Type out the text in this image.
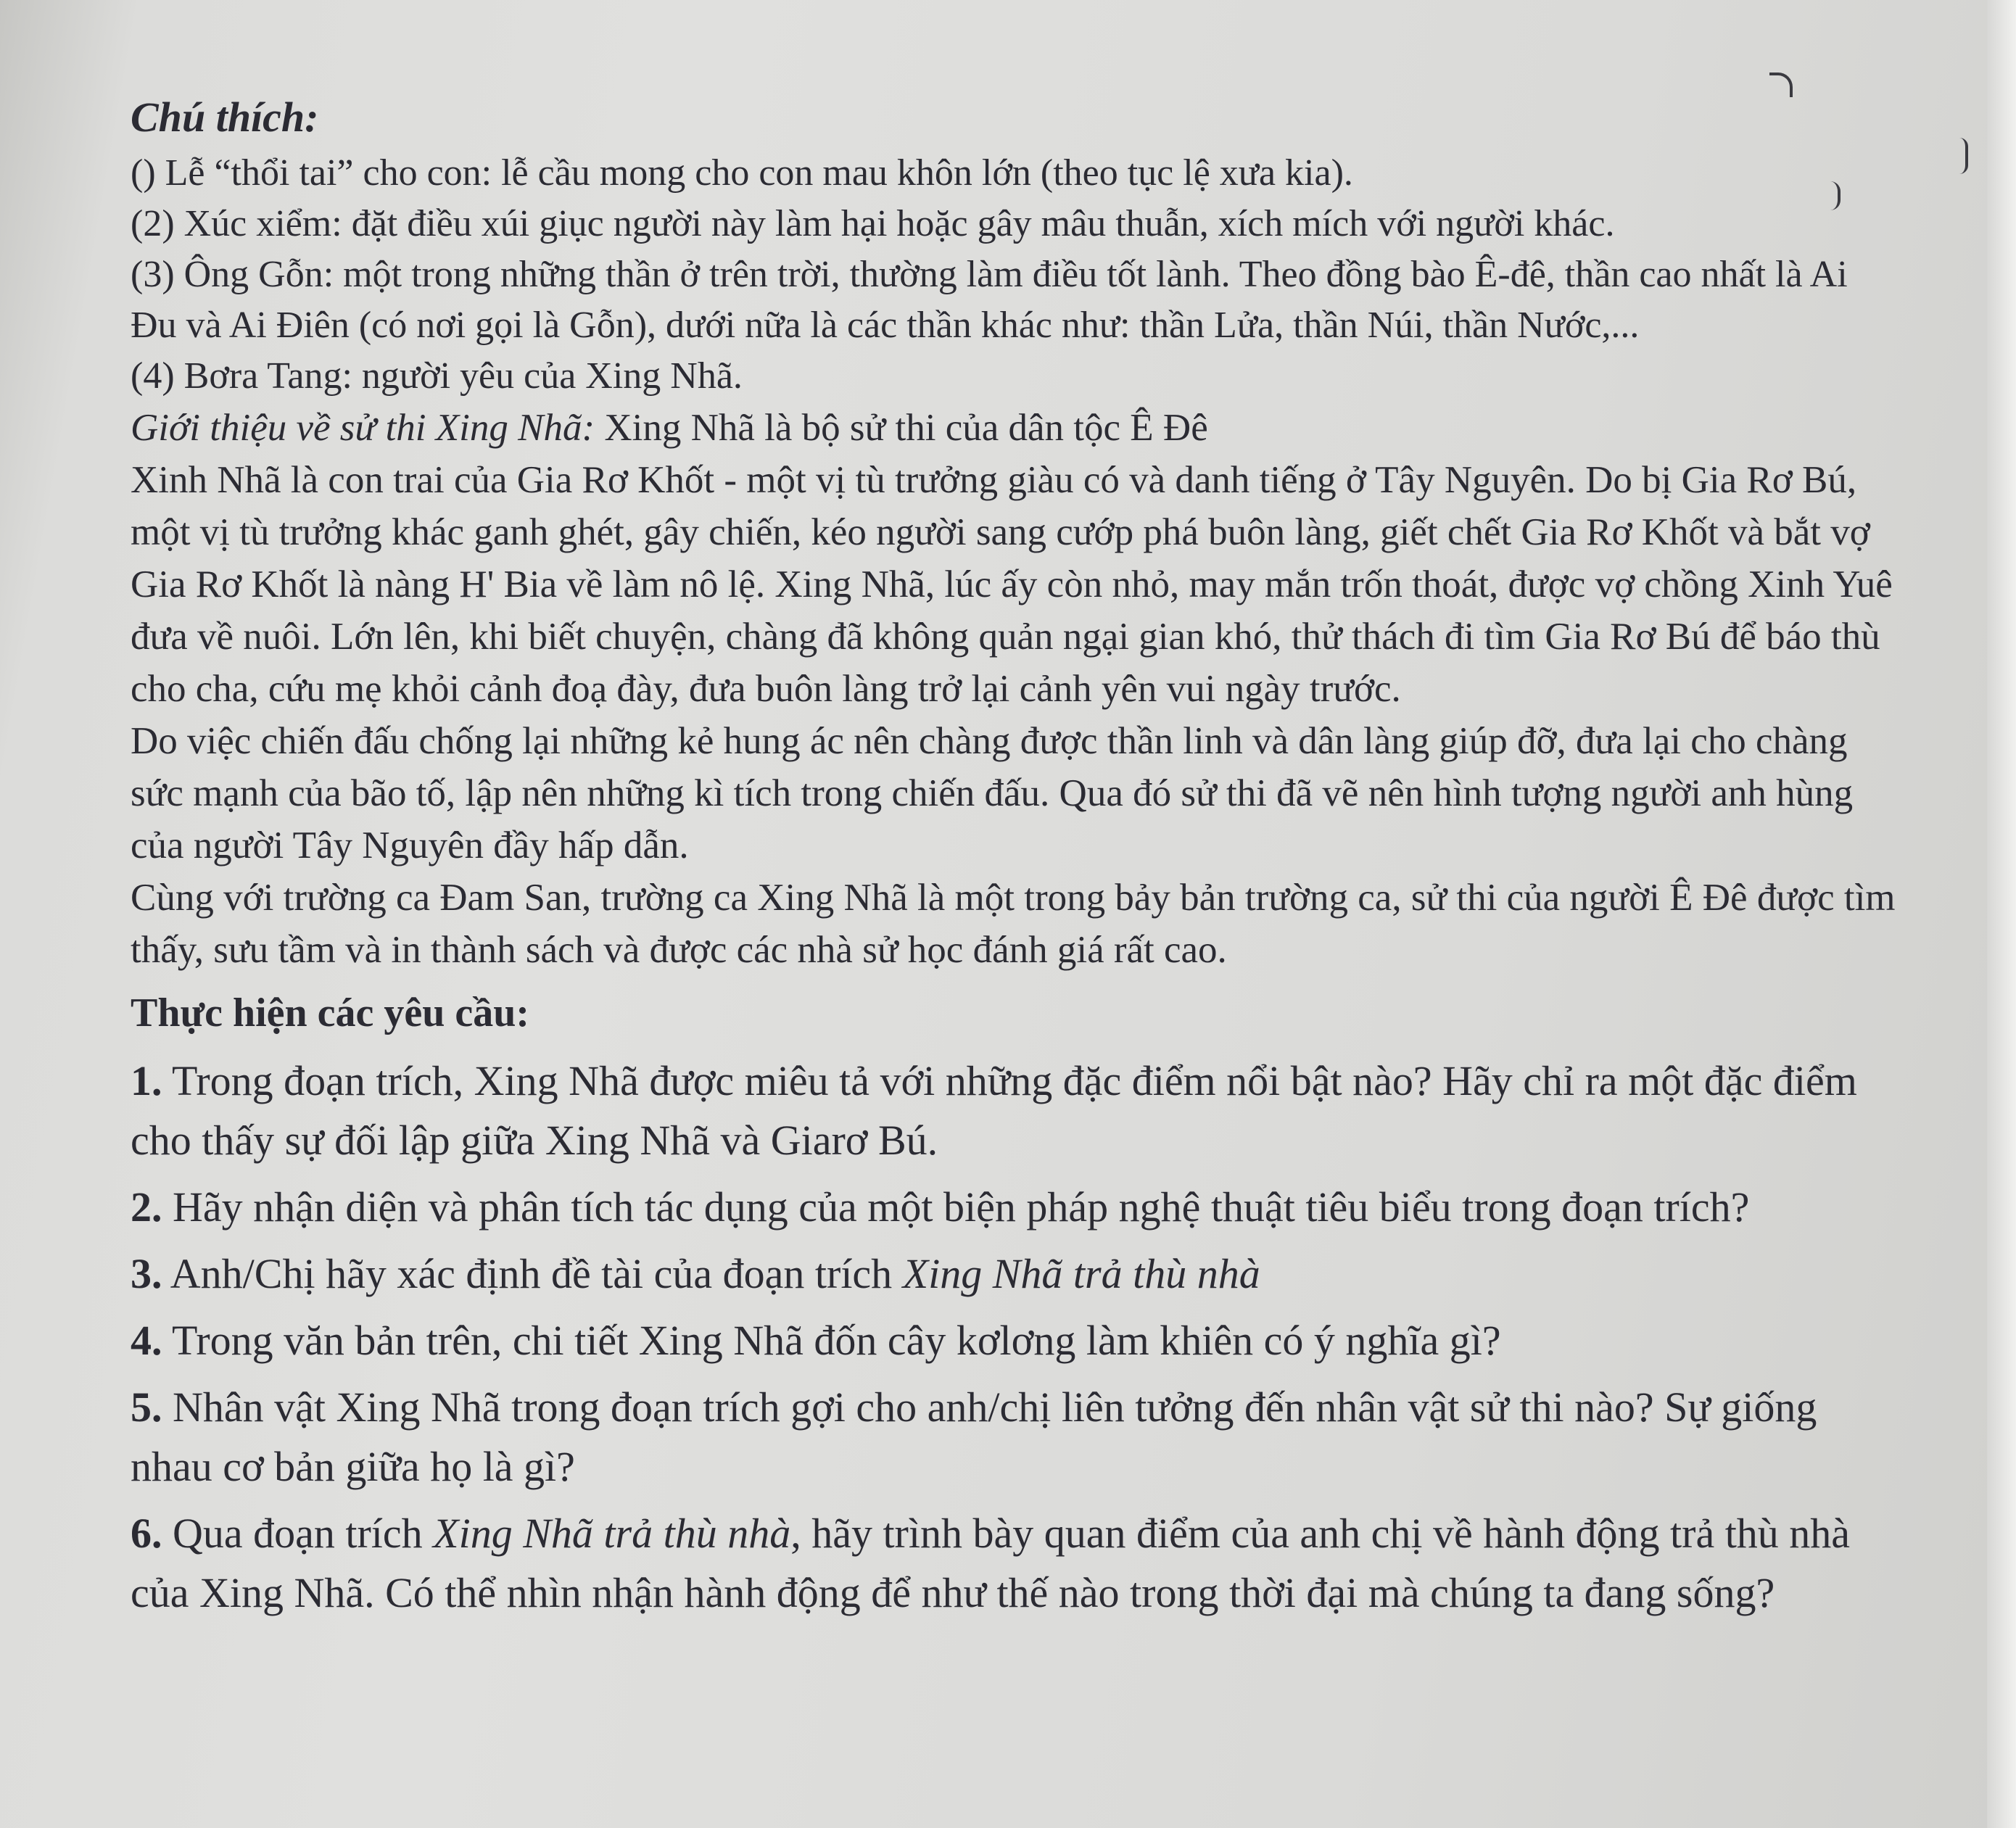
Chú thích:
() Lễ “thổi tai” cho con: lễ cầu mong cho con mau khôn lớn (theo tục lệ xưa kia).
(2) Xúc xiểm: đặt điều xúi giục người này làm hại hoặc gây mâu thuẫn, xích mích với người khác.
(3) Ông Gỗn: một trong những thần ở trên trời, thường làm điều tốt lành. Theo đồng bào Ê-đê, thần cao nhất là Ai Đu và Ai Điên (có nơi gọi là Gỗn), dưới nữa là các thần khác như: thần Lửa, thần Núi, thần Nước,...
(4) Bơra Tang: người yêu của Xing Nhã.
Giới thiệu về sử thi Xing Nhã: Xing Nhã là bộ sử thi của dân tộc Ê Đê
Xinh Nhã là con trai của Gia Rơ Khốt - một vị tù trưởng giàu có và danh tiếng ở Tây Nguyên. Do bị Gia Rơ Bú, một vị tù trưởng khác ganh ghét, gây chiến, kéo người sang cướp phá buôn làng, giết chết Gia Rơ Khốt và bắt vợ Gia Rơ Khốt là nàng H' Bia về làm nô lệ. Xing Nhã, lúc ấy còn nhỏ, may mắn trốn thoát, được vợ chồng Xinh Yuê đưa về nuôi. Lớn lên, khi biết chuyện, chàng đã không quản ngại gian khó, thử thách đi tìm Gia Rơ Bú để báo thù cho cha, cứu mẹ khỏi cảnh đoạ đày, đưa buôn làng trở lại cảnh yên vui ngày trước.
Do việc chiến đấu chống lại những kẻ hung ác nên chàng được thần linh và dân làng giúp đỡ, đưa lại cho chàng sức mạnh của bão tố, lập nên những kì tích trong chiến đấu. Qua đó sử thi đã vẽ nên hình tượng người anh hùng của người Tây Nguyên đầy hấp dẫn.
Cùng với trường ca Đam San, trường ca Xing Nhã là một trong bảy bản trường ca, sử thi của người Ê Đê được tìm thấy, sưu tầm và in thành sách và được các nhà sử học đánh giá rất cao.
Thực hiện các yêu cầu:
1. Trong đoạn trích, Xing Nhã được miêu tả với những đặc điểm nổi bật nào? Hãy chỉ ra một đặc điểm cho thấy sự đối lập giữa Xing Nhã và Giarơ Bú.
2. Hãy nhận diện và phân tích tác dụng của một biện pháp nghệ thuật tiêu biểu trong đoạn trích?
3. Anh/Chị hãy xác định đề tài của đoạn trích Xing Nhã trả thù nhà
4. Trong văn bản trên, chi tiết Xing Nhã đốn cây kơlơng làm khiên có ý nghĩa gì?
5. Nhân vật Xing Nhã trong đoạn trích gợi cho anh/chị liên tưởng đến nhân vật sử thi nào? Sự giống nhau cơ bản giữa họ là gì?
6. Qua đoạn trích Xing Nhã trả thù nhà, hãy trình bày quan điểm của anh chị về hành động trả thù nhà của Xing Nhã. Có thể nhìn nhận hành động để như thế nào trong thời đại mà chúng ta đang sống?
